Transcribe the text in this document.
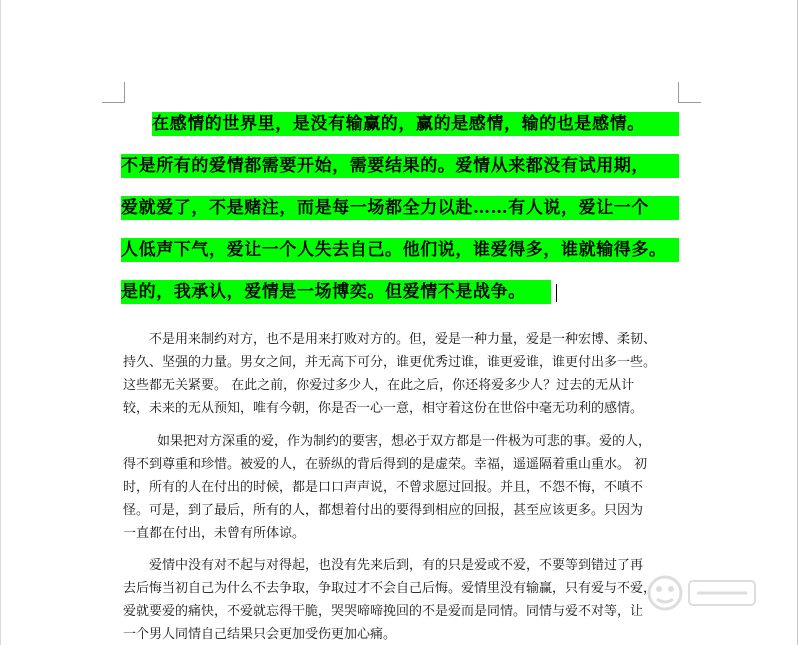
在感情的世界里，是没有输赢的，赢的是感情，输的也是感情。
不是所有的爱情都需要开始，需要结果的。爱情从来都没有试用期，
爱就爱了，不是赌注，而是每一场都全力以赴……有人说，爱让一个
人低声下气，爱让一个人失去自己。他们说，谁爱得多，谁就输得多。
是的，我承认，爱情是一场博奕。但爱情不是战争。
不是用来制约对方，也不是用来打败对方的。但，爱是一种力量，爱是一种宏博、柔韧、
持久、坚强的力量。男女之间，并无高下可分，谁更优秀过谁，谁更爱谁，谁更付出多一些。
这些都无关紧要。 在此之前，你爱过多少人，在此之后，你还将爱多少人？过去的无从计
较，未来的无从预知，唯有今朝，你是否一心一意，相守着这份在世俗中毫无功利的感情。
如果把对方深重的爱，作为制约的要害，想必于双方都是一件极为可悲的事。爱的人，
得不到尊重和珍惜。被爱的人，在骄纵的背后得到的是虚荣。幸福，遥遥隔着重山重水。 初
时，所有的人在付出的时候，都是口口声声说，不曾求愿过回报。并且，不怨不悔，不嗔不
怪。可是，到了最后，所有的人，都想着付出的要得到相应的回报，甚至应该更多。只因为
一直都在付出，未曾有所体谅。
爱情中没有对不起与对得起，也没有先来后到，有的只是爱或不爱，不要等到错过了再
去后悔当初自己为什么不去争取，争取过才不会自己后悔。爱情里没有输赢，只有爱与不爱，
爱就要爱的痛快，不爱就忘得干脆，哭哭啼啼挽回的不是爱而是同情。同情与爱不对等，让
一个男人同情自己结果只会更加受伤更加心痛。
